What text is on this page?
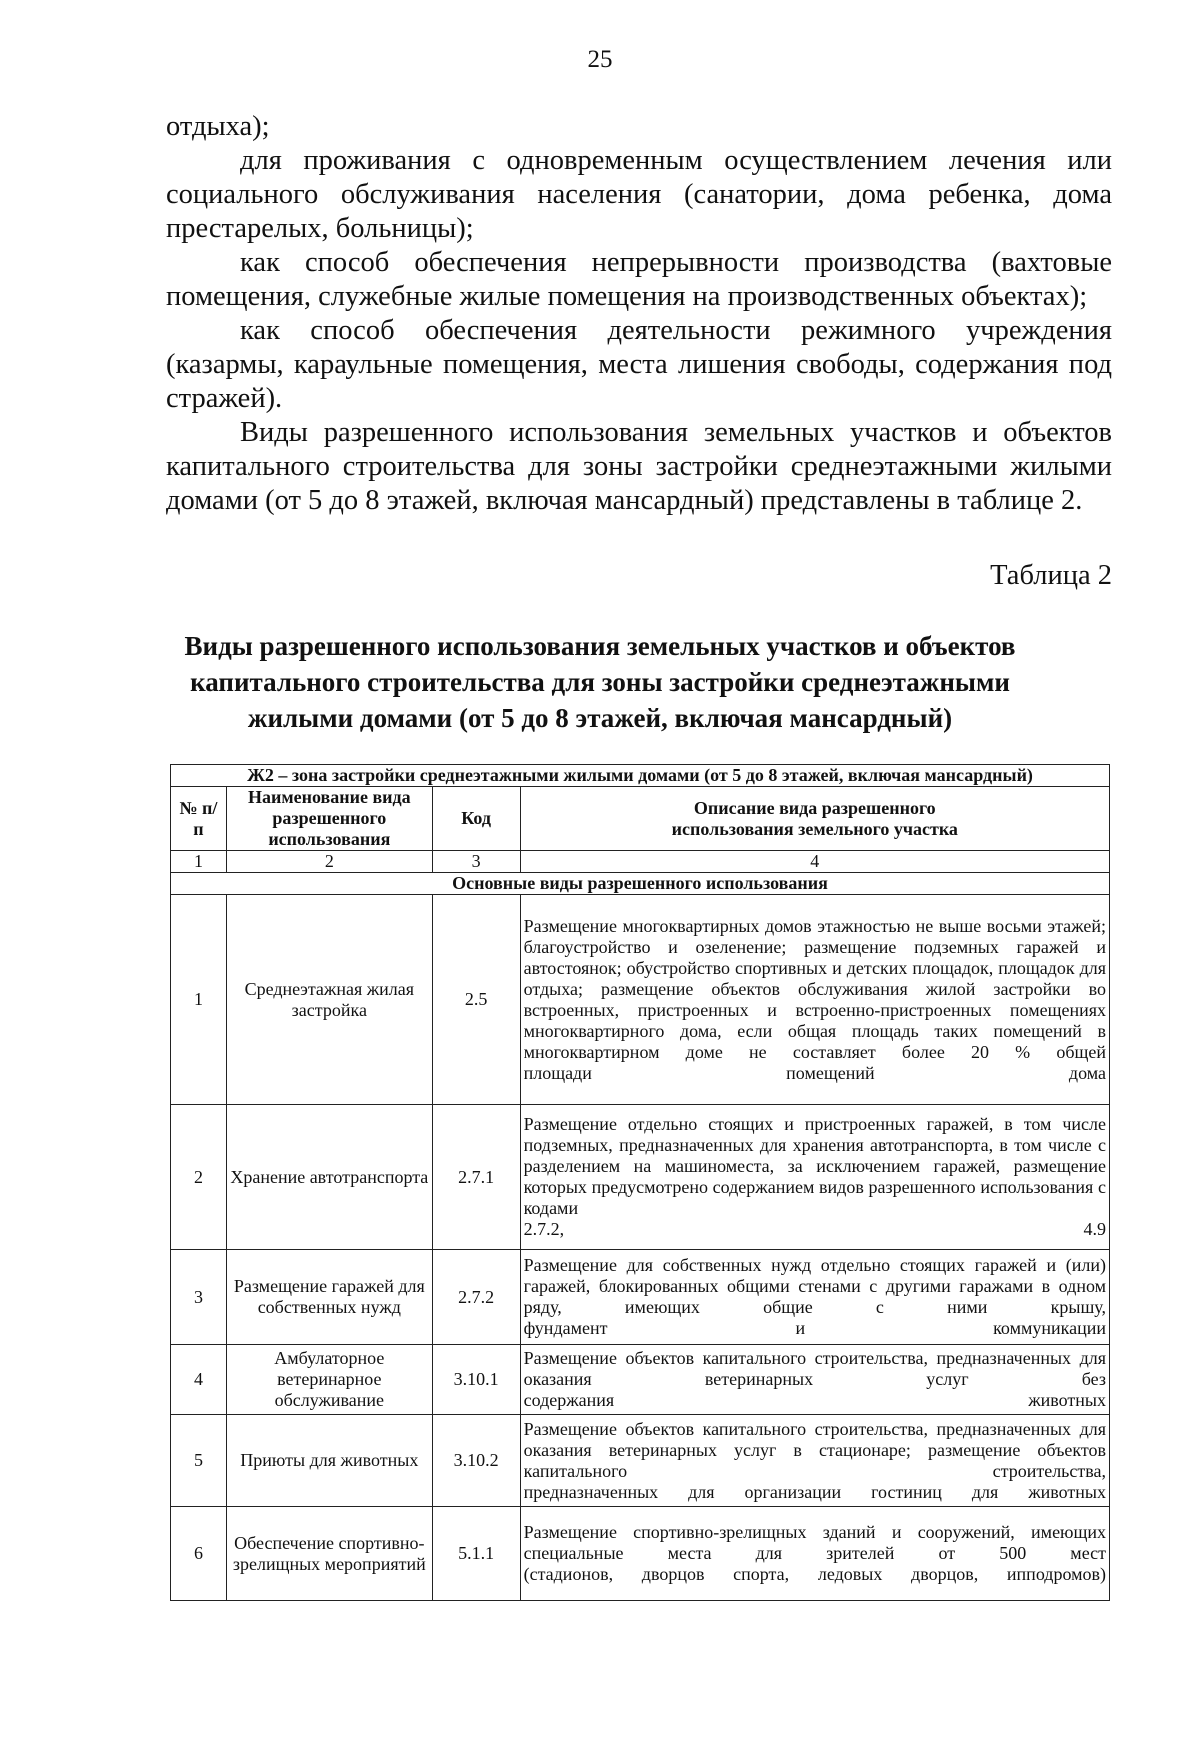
25

отдыха);

для проживания с одновременным осуществлением лечения или социального обслуживания населения (санатории, дома ребенка, дома престарелых, больницы);

как способ обеспечения непрерывности производства (вахтовые помещения, служебные жилые помещения на производственных объектах);

как способ обеспечения деятельности режимного учреждения (казармы, караульные помещения, места лишения свободы, содержания под стражей).

Виды разрешенного использования земельных участков и объектов капитального строительства для зоны застройки среднеэтажными жилыми домами (от 5 до 8 этажей, включая мансардный) представлены в таблице 2.

Таблица 2
Виды разрешенного использования земельных участков и объектов капитального строительства для зоны застройки среднеэтажными жилыми домами (от 5 до 8 этажей, включая мансардный)
Ж2 – зона застройки среднеэтажными жилыми домами (от 5 до 8 этажей, включая мансардный)			
№ п/п	Наименование вида разрешенного использования	Код	Описание вида разрешенного использования земельного участка
1	2	3	4
Основные виды разрешенного использования			
1	Среднеэтажная жилая застройка	2.5	Размещение многоквартирных домов этажностью не выше восьми этажей; благоустройство и озеленение; размещение подземных гаражей и автостоянок; обустройство спортивных и детских площадок, площадок для отдыха; размещение объектов обслуживания жилой застройки во встроенных, пристроенных и встроенно-пристроенных помещениях многоквартирного дома, если общая площадь таких помещений в многоквартирном доме не составляет более 20 % общей
площади помещений дома

2	Хранение автотранспорта	2.7.1	Размещение отдельно стоящих и пристроенных гаражей, в том числе подземных, предназначенных для хранения автотранспорта, в том числе с разделением на машиноместа, за исключением гаражей, размещение которых предусмотрено содержанием видов разрешенного использования с кодами
2.7.2, 4.9

3	Размещение гаражей для собственных нужд	2.7.2	Размещение для собственных нужд отдельно стоящих гаражей и (или) гаражей, блокированных общими стенами с другими гаражами в одном ряду, имеющих общие с ними крышу,
фундамент и коммуникации

4	Амбулаторное ветеринарное обслуживание	3.10.1	Размещение объектов капитального строительства, предназначенных для оказания ветеринарных услуг без
содержания животных

5	Приюты для животных	3.10.2	Размещение объектов капитального строительства, предназначенных для оказания ветеринарных услуг в стационаре; размещение объектов капитального строительства,
предназначенных для организации гостиниц для животных

6	Обеспечение спортивно-зрелищных мероприятий	5.1.1	Размещение спортивно-зрелищных зданий и сооружений, имеющих специальные места для зрителей от 500 мест
(стадионов, дворцов спорта, ледовых дворцов, ипподромов)
